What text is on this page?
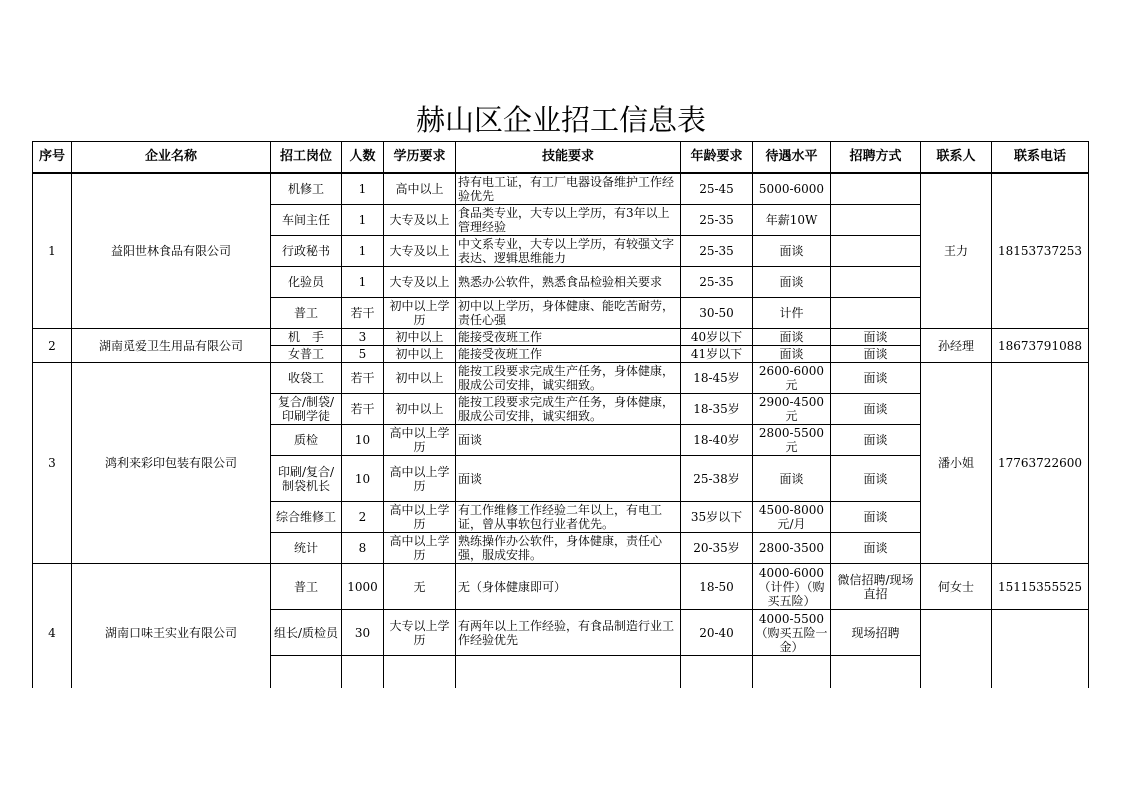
赫山区企业招工信息表
序号	企业名称	招工岗位	人数	学历要求	技能要求	年龄要求	待遇水平	招聘方式	联系人	联系电话
1	益阳世林食品有限公司	机修工	1	高中以上	持有电工证，有工厂电器设备维护工作经验优先	25-45	5000-6000		王力	18153737253
		车间主任	1	大专及以上	食品类专业，大专以上学历，有3年以上管理经验	25-35	年薪10W			
		行政秘书	1	大专及以上	中文系专业，大专以上学历，有较强文字表达、逻辑思维能力	25-35	面谈			
		化验员	1	大专及以上	熟悉办公软件，熟悉食品检验相关要求	25-35	面谈			
		普工	若干	初中以上学历	初中以上学历，身体健康、能吃苦耐劳，责任心强	30-50	计件			
2	湖南觅爱卫生用品有限公司	机　手	3	初中以上	能接受夜班工作	40岁以下	面谈	面谈	孙经理	18673791088
		女普工	5	初中以上	能接受夜班工作	41岁以下	面谈	面谈		
3	鸿利来彩印包装有限公司	收袋工	若干	初中以上	能按工段要求完成生产任务，身体健康，服成公司安排，诚实细致。	18-45岁	2600-6000元	面谈	潘小姐	17763722600
		复合/制袋/印刷学徒	若干	初中以上	能按工段要求完成生产任务，身体健康，服成公司安排，诚实细致。	18-35岁	2900-4500元	面谈		
		质检	10	高中以上学历	面谈	18-40岁	2800-5500元	面谈		
		印刷/复合/制袋机长	10	高中以上学历	面谈	25-38岁	面谈	面谈		
		综合维修工	2	高中以上学历	有工作维修工作经验二年以上，有电工证，曾从事软包行业者优先。	35岁以下	4500-8000元/月	面谈		
		统计	8	高中以上学历	熟练操作办公软件，身体健康，责任心强，服成安排。	20-35岁	2800-3500	面谈		
4	湖南口味王实业有限公司	普工	1000	无	无（身体健康即可）	18-50	4000-6000（计件）（购买五险）	微信招聘/现场直招	何女士	15115355525
		组长/质检员	30	大专以上学历	有两年以上工作经验，有食品制造行业工作经验优先	20-40	4000-5500（购买五险一金）	现场招聘		
